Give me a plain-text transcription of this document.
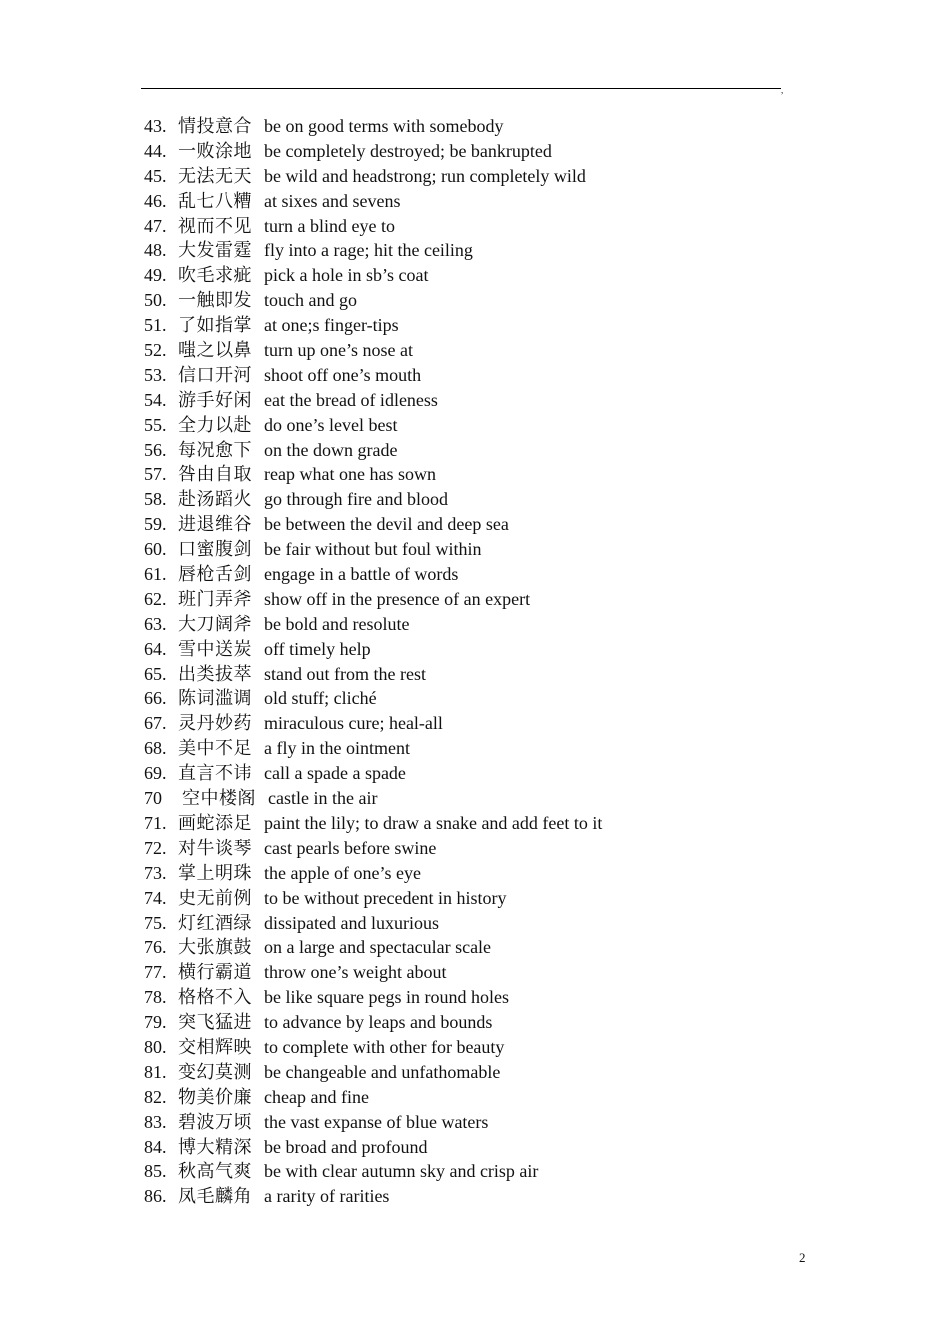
,
43. 情投意合 be on good terms with somebody
44. 一败涂地 be completely destroyed; be bankrupted
45. 无法无天 be wild and headstrong; run completely wild
46. 乱七八糟 at sixes and sevens
47. 视而不见 turn a blind eye to
48. 大发雷霆 fly into a rage; hit the ceiling
49. 吹毛求疵 pick a hole in sb’s coat
50. 一触即发 touch and go
51. 了如指掌 at one;s finger-tips
52. 嗤之以鼻 turn up one’s nose at
53. 信口开河 shoot off one’s mouth
54. 游手好闲 eat the bread of idleness
55. 全力以赴 do one’s level best
56. 每况愈下 on the down grade
57. 咎由自取 reap what one has sown
58. 赴汤蹈火 go through fire and blood
59. 进退维谷 be between the devil and deep sea
60. 口蜜腹剑 be fair without but foul within
61. 唇枪舌剑 engage in a battle of words
62. 班门弄斧 show off in the presence of an expert
63. 大刀阔斧 be bold and resolute
64. 雪中送炭 off timely help
65. 出类拔萃 stand out from the rest
66. 陈词滥调 old stuff; cliché
67. 灵丹妙药 miraculous cure; heal-all
68. 美中不足 a fly in the ointment
69. 直言不讳 call a spade a spade
70 空中楼阁 castle in the air
71. 画蛇添足 paint the lily; to draw a snake and add feet to it
72. 对牛谈琴 cast pearls before swine
73. 掌上明珠 the apple of one’s eye
74. 史无前例 to be without precedent in history
75. 灯红酒绿 dissipated and luxurious
76. 大张旗鼓 on a large and spectacular scale
77. 横行霸道 throw one’s weight about
78. 格格不入 be like square pegs in round holes
79. 突飞猛进 to advance by leaps and bounds
80. 交相辉映 to complete with other for beauty
81. 变幻莫测 be changeable and unfathomable
82. 物美价廉 cheap and fine
83. 碧波万顷 the vast expanse of blue waters
84. 博大精深 be broad and profound
85. 秋高气爽 be with clear autumn sky and crisp air
86. 凤毛麟角 a rarity of rarities
2
